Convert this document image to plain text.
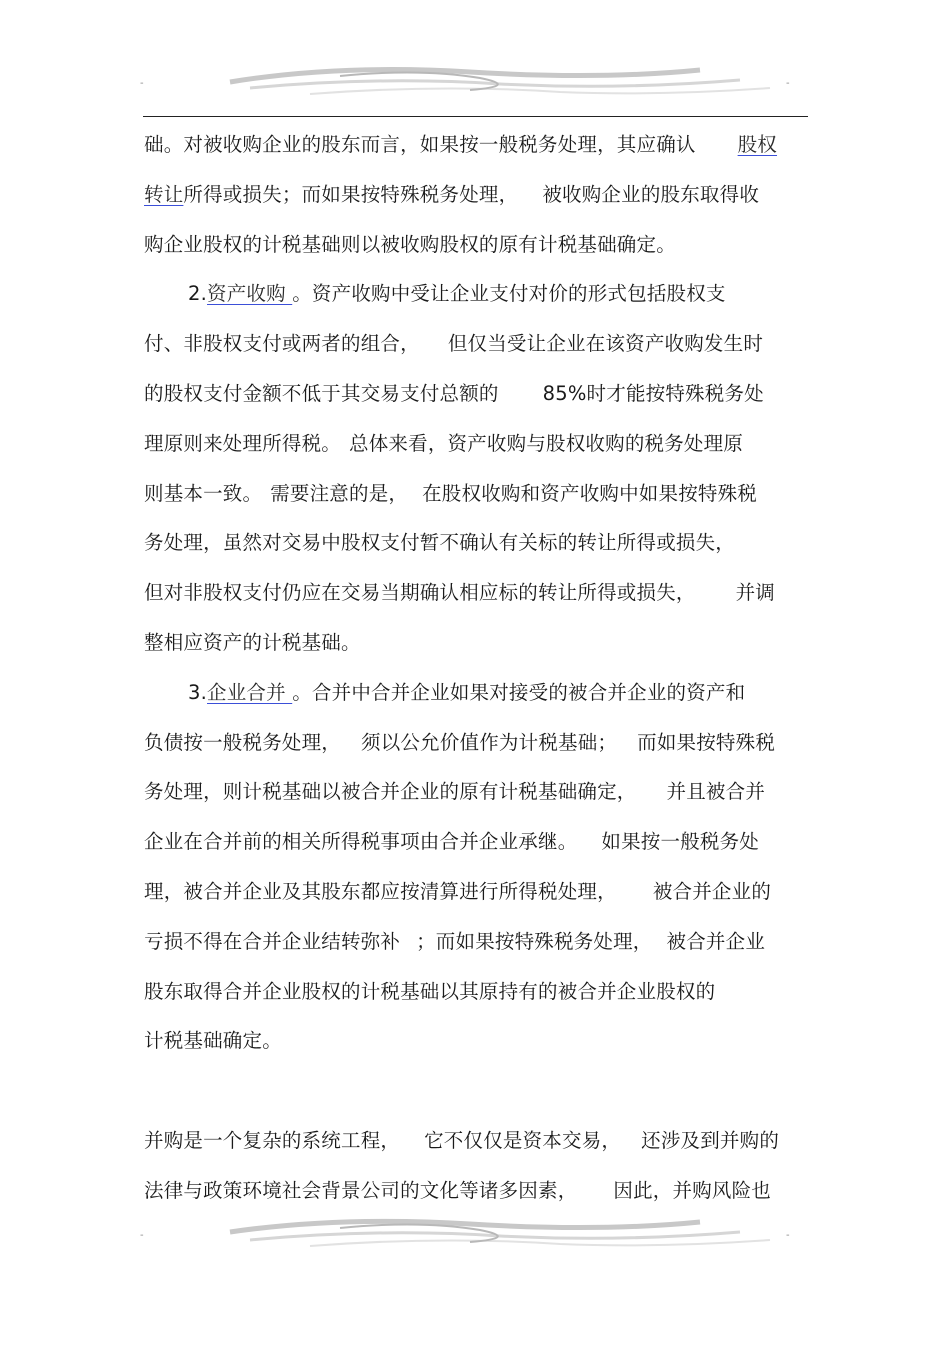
-	-
础。对被收购企业的股东而言，如果按一般税务处理，其应确认 股权
转让所得或损失；而如果按特殊税务处理， 被收购企业的股东取得收
购企业股权的计税基础则以被收购股权的原有计税基础确定。
2.资产收购 。资产收购中受让企业支付对价的形式包括股权支
付、非股权支付或两者的组合， 但仅当受让企业在该资产收购发生时
的股权支付金额不低于其交易支付总额的 85%时才能按特殊税务处
理原则来处理所得税。 总体来看，资产收购与股权收购的税务处理原
则基本一致。 需要注意的是， 在股权收购和资产收购中如果按特殊税
务处理，虽然对交易中股权支付暂不确认有关标的转让所得或损失，
但对非股权支付仍应在交易当期确认相应标的转让所得或损失， 并调
整相应资产的计税基础。
3.企业合并 。合并中合并企业如果对接受的被合并企业的资产和
负债按一般税务处理， 须以公允价值作为计税基础； 而如果按特殊税
务处理，则计税基础以被合并企业的原有计税基础确定， 并且被合并
企业在合并前的相关所得税事项由合并企业承继。 如果按一般税务处
理，被合并企业及其股东都应按清算进行所得税处理， 被合并企业的
亏损不得在合并企业结转弥补 ；而如果按特殊税务处理， 被合并企业
股东取得合并企业股权的计税基础以其原持有的被合并企业股权的
计税基础确定。
并购是一个复杂的系统工程， 它不仅仅是资本交易， 还涉及到并购的
法律与政策环境社会背景公司的文化等诸多因素， 因此，并购风险也
-	-
